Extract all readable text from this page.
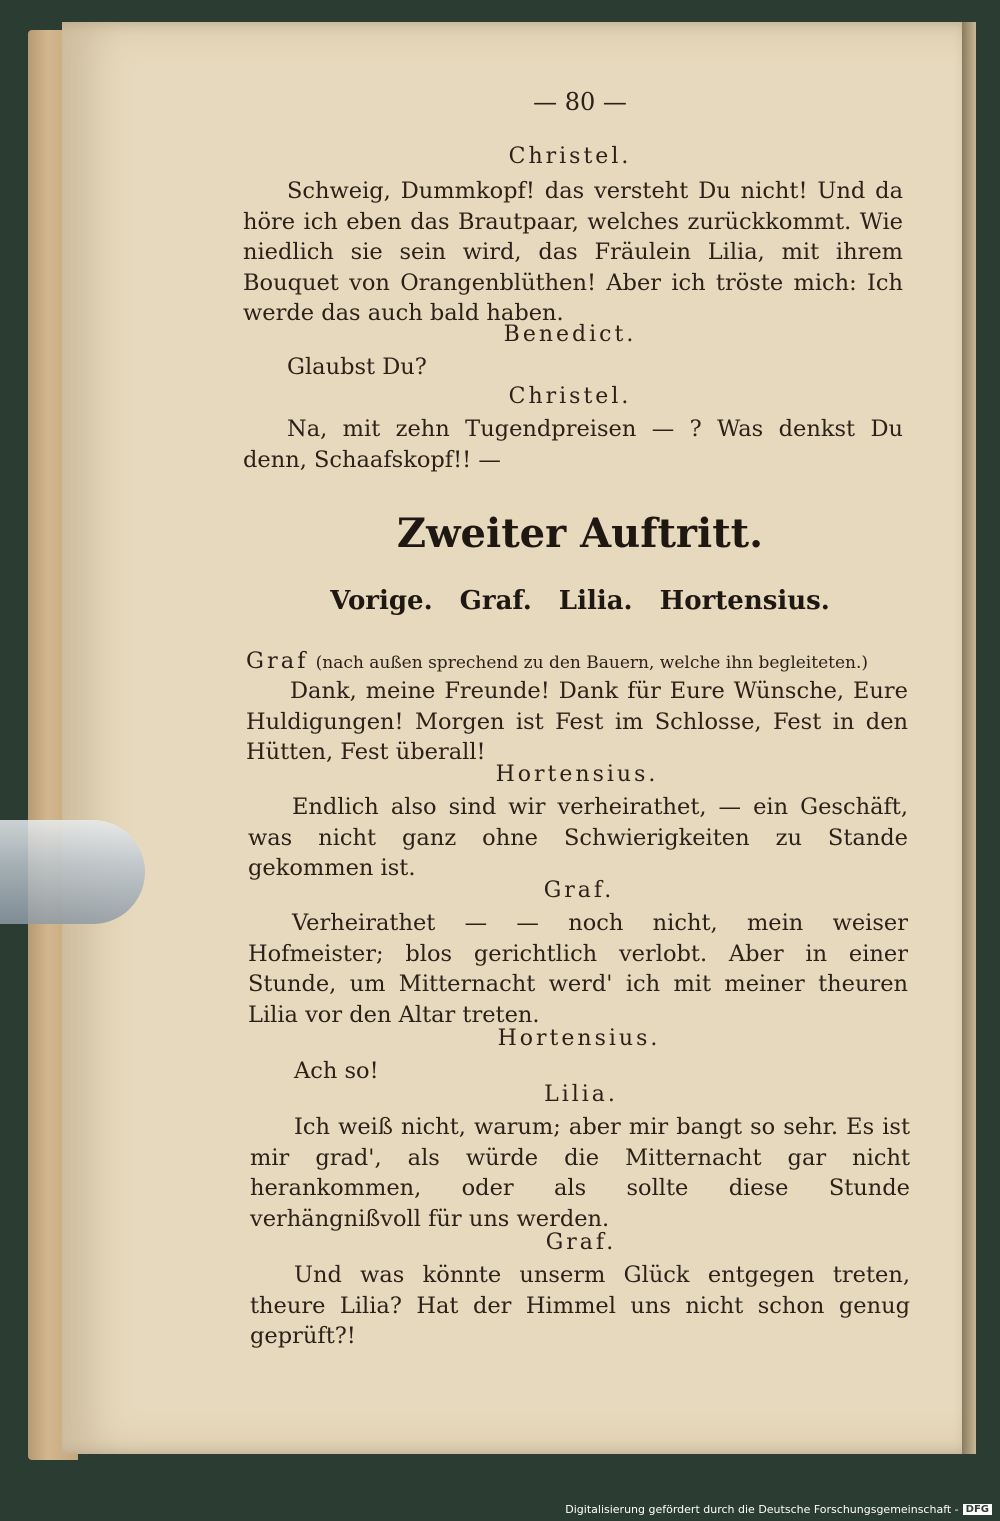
— 80 —
Christel.
Schweig, Dummkopf! das versteht Du nicht! Und da höre ich eben das Brautpaar, welches zurückkommt. Wie niedlich sie sein wird, das Fräulein Lilia, mit ihrem Bouquet von Orangenblüthen! Aber ich tröste mich: Ich werde das auch bald haben.
Benedict.
Glaubst Du?
Christel.
Na, mit zehn Tugendpreisen — ? Was denkst Du denn, Schaafskopf!! —
Zweiter Auftritt.
Vorige. Graf. Lilia. Hortensius.
Graf (nach außen sprechend zu den Bauern, welche ihn begleiteten.)
Dank, meine Freunde! Dank für Eure Wünsche, Eure Huldigungen! Morgen ist Fest im Schlosse, Fest in den Hütten, Fest überall!
Hortensius.
Endlich also sind wir verheirathet, — ein Geschäft, was nicht ganz ohne Schwierigkeiten zu Stande gekommen ist.
Graf.
Verheirathet — — noch nicht, mein weiser Hofmeister; blos gerichtlich verlobt. Aber in einer Stunde, um Mitternacht werd' ich mit meiner theuren Lilia vor den Altar treten.
Hortensius.
Ach so!
Lilia.
Ich weiß nicht, warum; aber mir bangt so sehr. Es ist mir grad', als würde die Mitternacht gar nicht herankommen, oder als sollte diese Stunde verhängnißvoll für uns werden.
Graf.
Und was könnte unserm Glück entgegen treten, theure Lilia? Hat der Himmel uns nicht schon genug geprüft?!
Digitalisierung gefördert durch die Deutsche Forschungsgemeinschaft - DFG
